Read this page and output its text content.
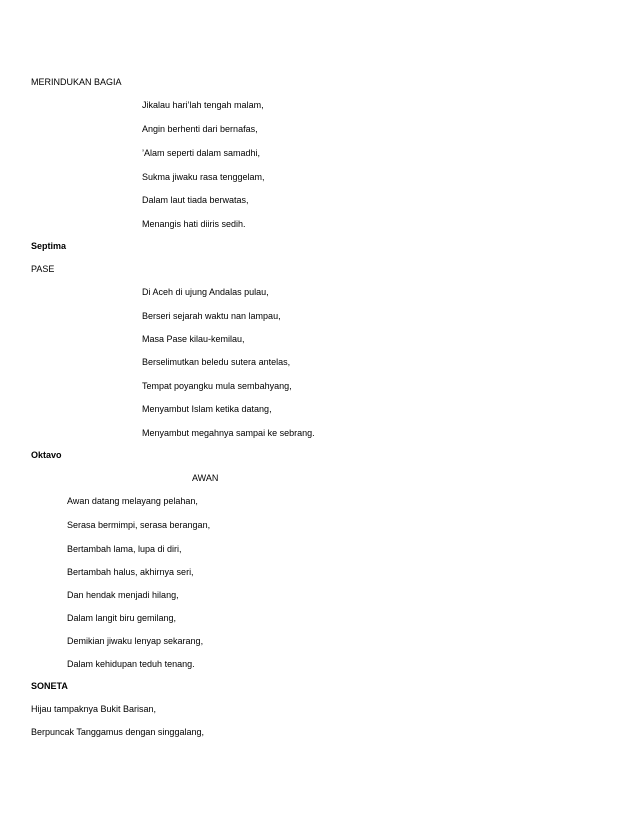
MERINDUKAN BAGIA
Jikalau hari’lah tengah malam,
Angin berhenti dari bernafas,
’Alam seperti dalam samadhi,
Sukma jiwaku rasa tenggelam,
Dalam laut tiada berwatas,
Menangis hati diiris sedih.
Septima
PASE
Di Aceh di ujung Andalas pulau,
Berseri sejarah waktu nan lampau,
Masa Pase kilau-kemilau,
Berselimutkan beledu sutera antelas,
Tempat poyangku mula sembahyang,
Menyambut Islam ketika datang,
Menyambut megahnya sampai ke sebrang.
Oktavo
AWAN
Awan datang melayang pelahan,
Serasa bermimpi, serasa berangan,
Bertambah lama, lupa di diri,
Bertambah halus, akhirnya seri,
Dan hendak menjadi hilang,
Dalam langit biru gemilang,
Demikian jiwaku lenyap sekarang,
Dalam kehidupan teduh tenang.
SONETA
Hijau tampaknya Bukit Barisan,
Berpuncak Tanggamus dengan singgalang,
